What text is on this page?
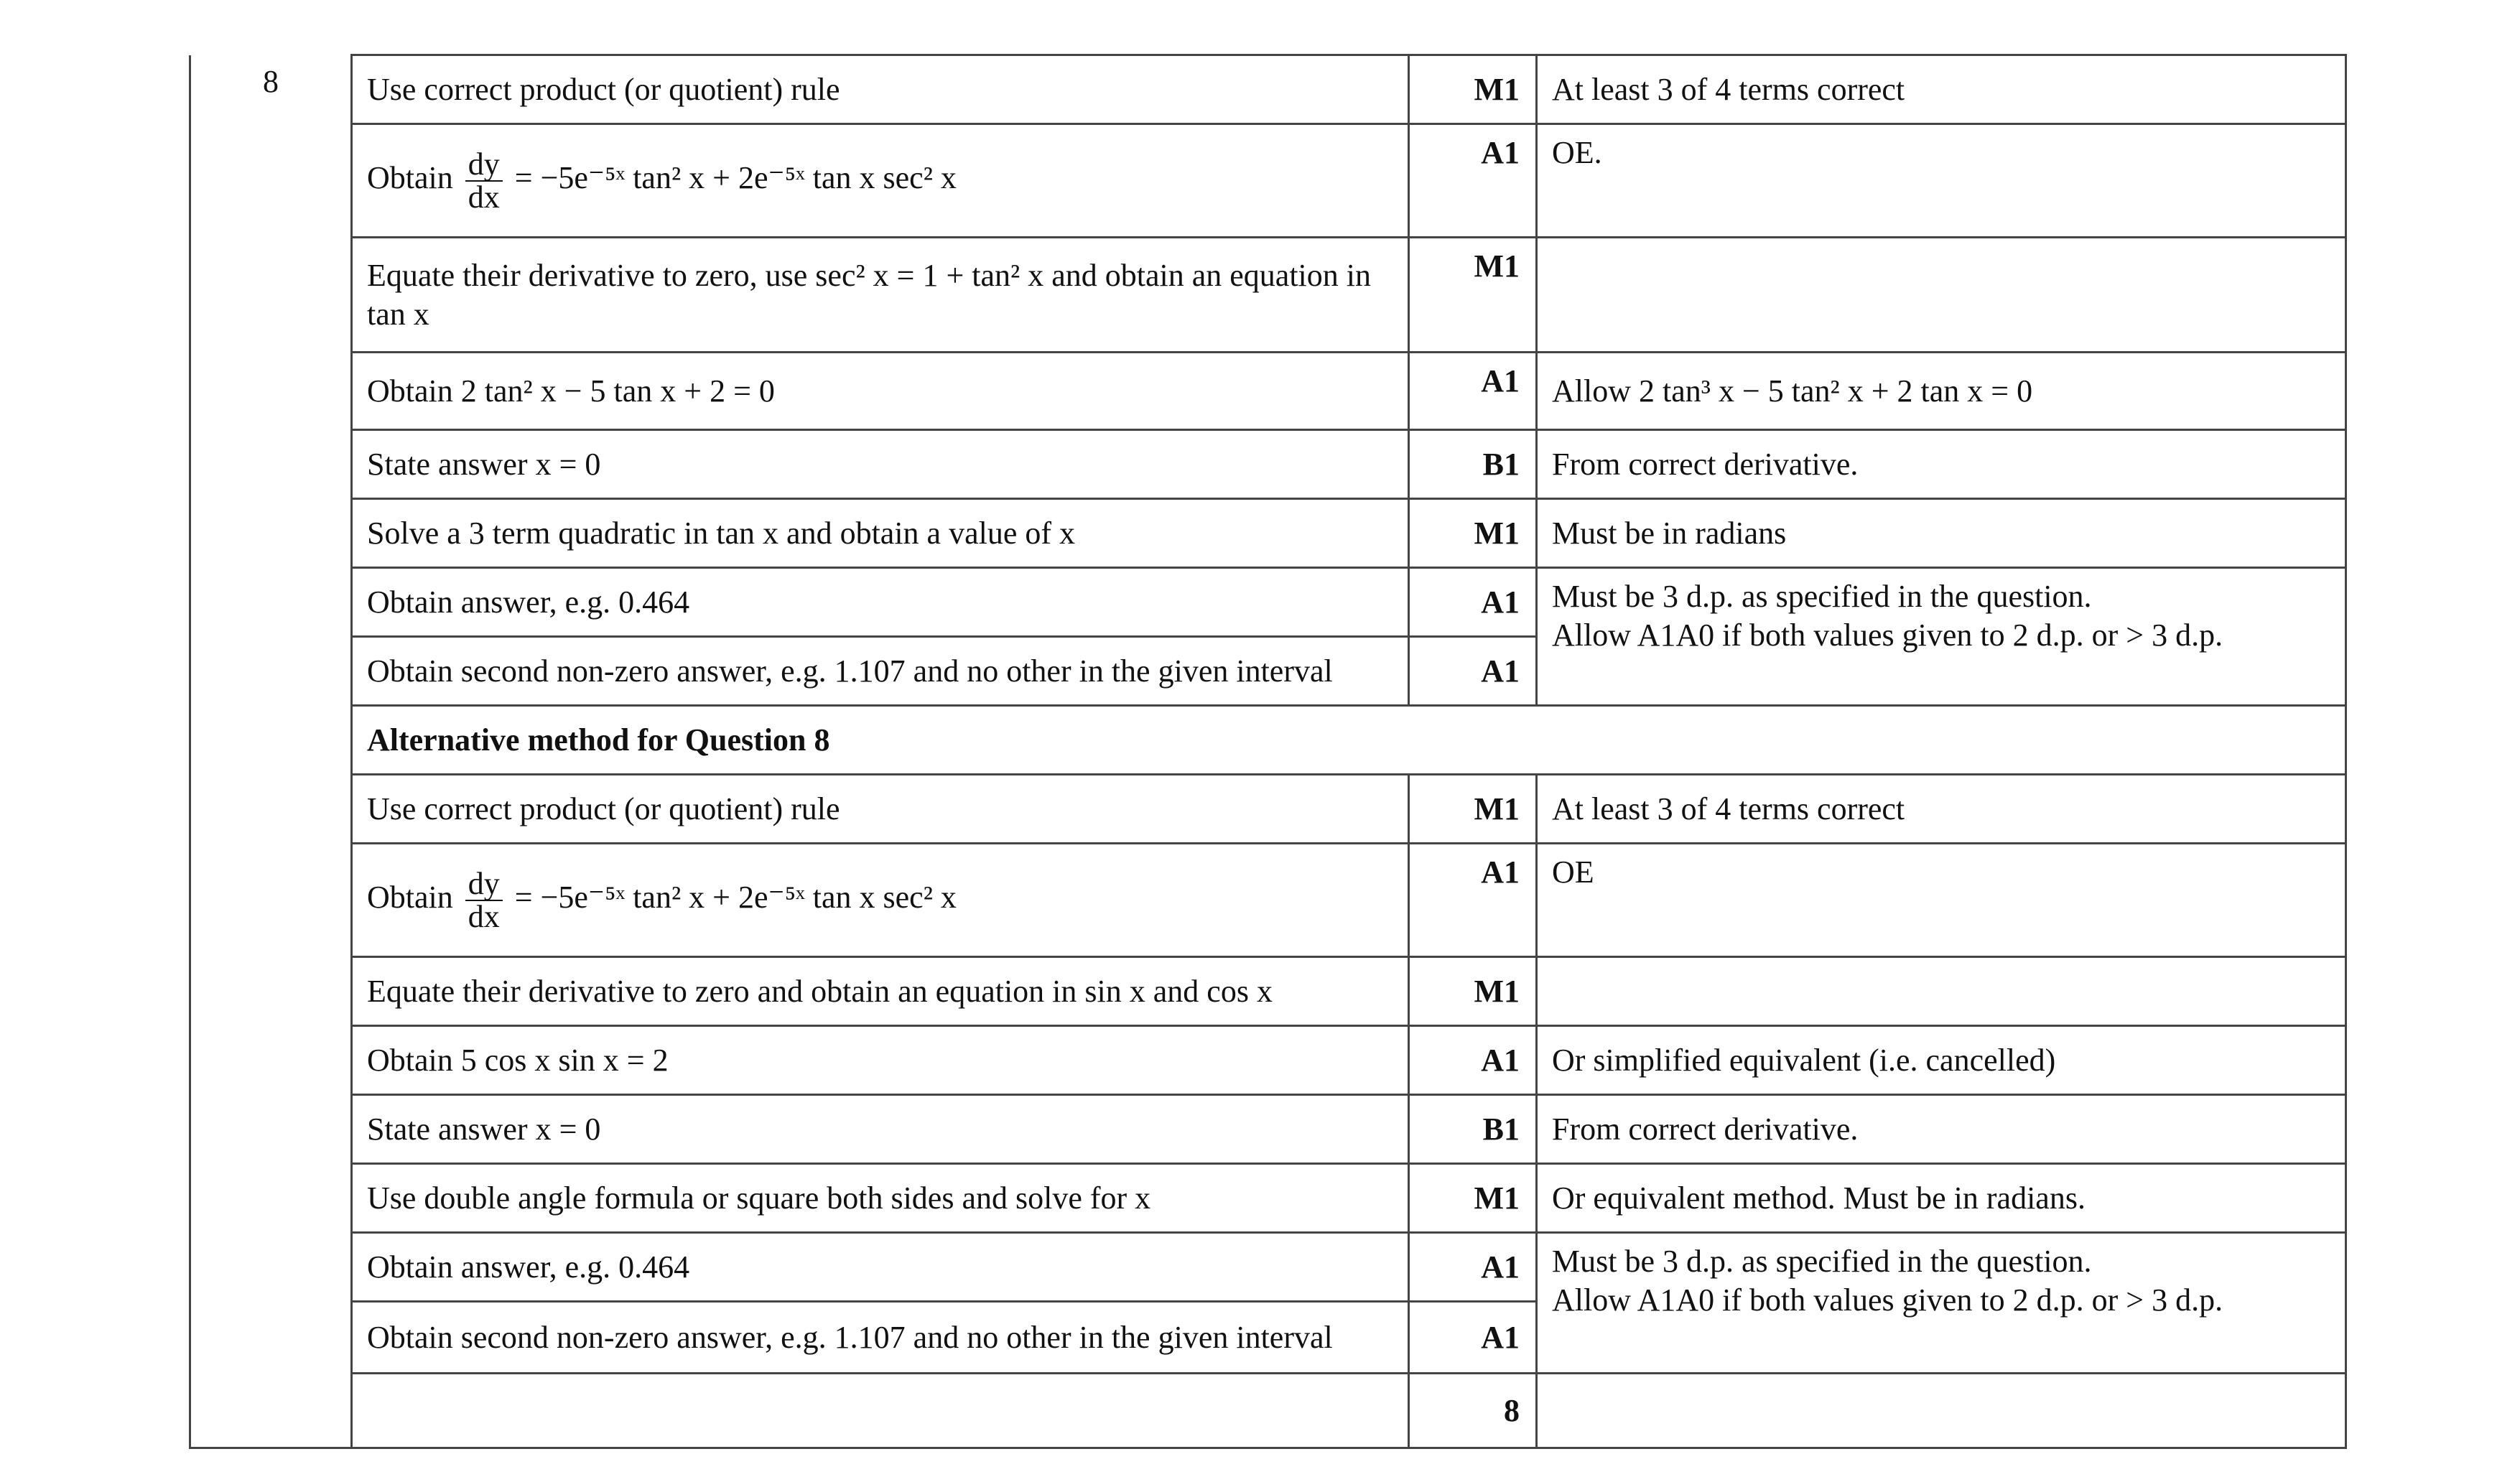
8	Use correct product (or quotient) rule	M1	At least 3 of 4 terms correct
	Obtain $\frac{dy}{dx}$ = −5e⁻⁵ˣ tan² x + 2e⁻⁵ˣ tan x sec² x	A1	OE.
	Equate their derivative to zero, use sec² x = 1 + tan² x and obtain an equation in tan x	M1	
	Obtain 2 tan² x − 5 tan x + 2 = 0	A1	Allow 2 tan³ x − 5 tan² x + 2 tan x = 0
	State answer x = 0	B1	From correct derivative.
	Solve a 3 term quadratic in tan x and obtain a value of x	M1	Must be in radians
	Obtain answer, e.g. 0.464	A1	Must be 3 d.p. as specified in the question.
Allow A1A0 if both values given to 2 d.p. or > 3 d.p.

	Obtain second non-zero answer, e.g. 1.107 and no other in the given interval	A1	
	Alternative method for Question 8		
	Use correct product (or quotient) rule	M1	At least 3 of 4 terms correct
	Obtain $\frac{dy}{dx}$ = −5e⁻⁵ˣ tan² x + 2e⁻⁵ˣ tan x sec² x	A1	OE
	Equate their derivative to zero and obtain an equation in sin x and cos x	M1	
	Obtain 5 cos x sin x = 2	A1	Or simplified equivalent (i.e. cancelled)
	State answer x = 0	B1	From correct derivative.
	Use double angle formula or square both sides and solve for x	M1	Or equivalent method. Must be in radians.
	Obtain answer, e.g. 0.464	A1	Must be 3 d.p. as specified in the question.
Allow A1A0 if both values given to 2 d.p. or > 3 d.p.

	Obtain second non-zero answer, e.g. 1.107 and no other in the given interval	A1	
		8	
